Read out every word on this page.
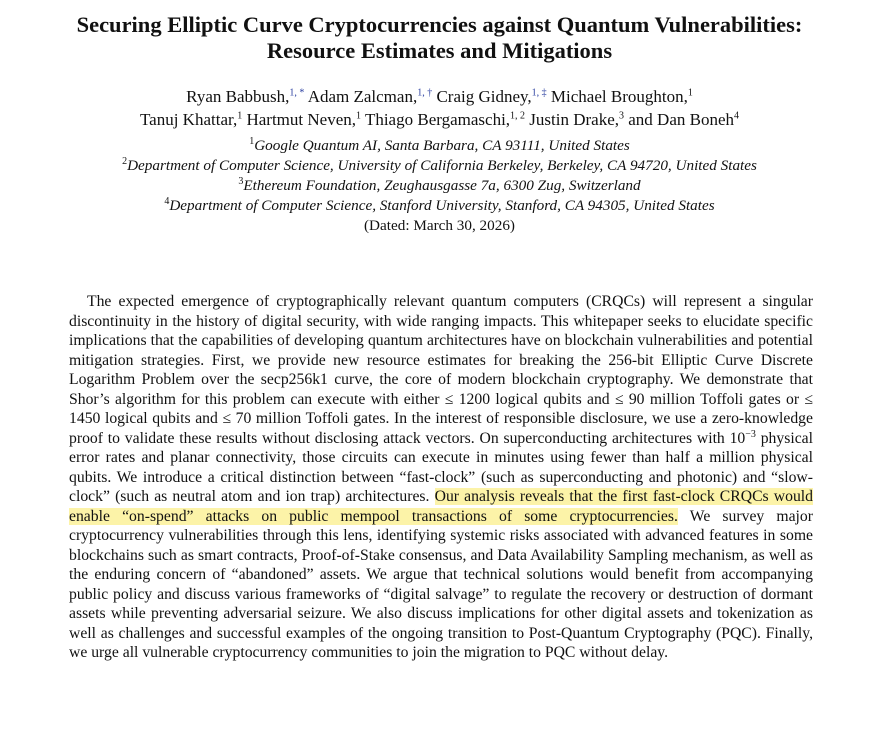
Securing Elliptic Curve Cryptocurrencies against Quantum Vulnerabilities:
Resource Estimates and Mitigations
Ryan Babbush,$^{1, *}$ Adam Zalcman,$^{1, \dagger}$ Craig Gidney,$^{1, \ddagger}$ Michael Broughton,$^1$
Tanuj Khattar,$^1$ Hartmut Neven,$^1$ Thiago Bergamaschi,$^{1, 2}$ Justin Drake,$^3$ and Dan Boneh$^4$
$^1$Google Quantum AI, Santa Barbara, CA 93111, United States
$^2$Department of Computer Science, University of California Berkeley, Berkeley, CA 94720, United States
$^3$Ethereum Foundation, Zeughausgasse 7a, 6300 Zug, Switzerland
$^4$Department of Computer Science, Stanford University, Stanford, CA 94305, United States
(Dated: March 30, 2026)

The expected emergence of cryptographically relevant quantum computers (CRQCs) will represent a singular discontinuity in the history of digital security, with wide ranging impacts. This whitepaper seeks to elucidate specific implications that the capabilities of developing quantum architectures have on blockchain vulnerabilities and potential mitigation strategies. First, we provide new resource estimates for breaking the 256-bit Elliptic Curve Discrete Logarithm Problem over the secp256k1 curve, the core of modern blockchain cryptography. We demonstrate that Shor’s algorithm for this problem can execute with either ≤ 1200 logical qubits and ≤ 90 million Toffoli gates or ≤ 1450 logical qubits and ≤ 70 million Toffoli gates. In the interest of responsible disclosure, we use a zero-knowledge proof to validate these results without disclosing attack vectors. On superconducting architectures with $10^{-3}$ physical error rates and planar connectivity, those circuits can execute in minutes using fewer than half a million physical qubits. We introduce a critical distinction between “fast-clock” (such as superconducting and photonic) and “slow-clock” (such as neutral atom and ion trap) architectures. Our analysis reveals that the first fast-clock CRQCs would enable “on-spend” attacks on public mempool transactions of some cryptocurrencies. We survey major cryptocurrency vulnerabilities through this lens, identifying systemic risks associated with advanced features in some blockchains such as smart contracts, Proof-of-Stake consensus, and Data Availability Sampling mechanism, as well as the enduring concern of “abandoned” assets. We argue that technical solutions would benefit from accompanying public policy and discuss various frameworks of “digital salvage” to regulate the recovery or destruction of dormant assets while preventing adversarial seizure. We also discuss implications for other digital assets and tokenization as well as challenges and successful examples of the ongoing transition to Post-Quantum Cryptography (PQC). Finally, we urge all vulnerable cryptocurrency communities to join the migration to PQC without delay.
